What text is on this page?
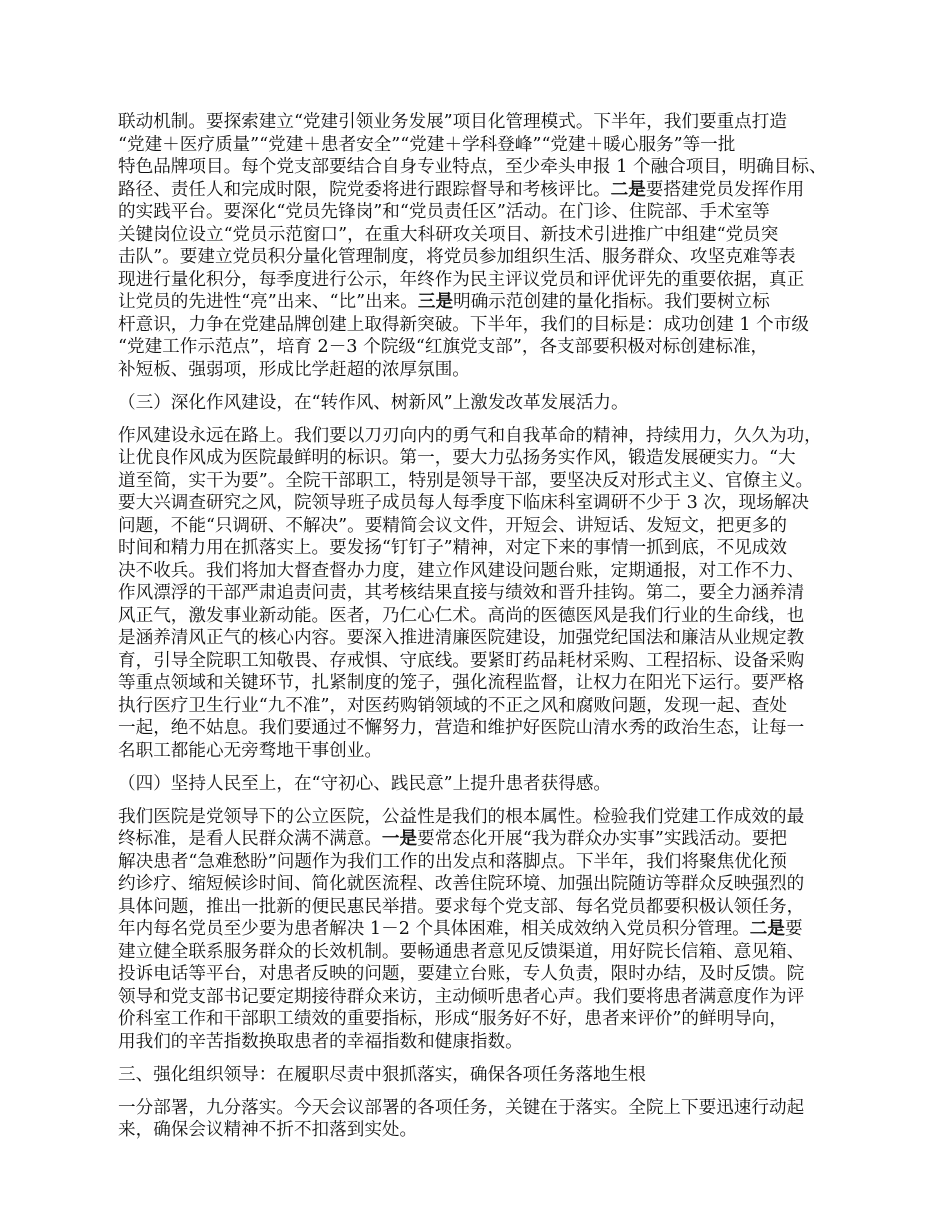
联动机制。要探索建立“党建引领业务发展”项目化管理模式。下半年，我们要重点打造
“党建＋医疗质量”“党建＋患者安全”“党建＋学科登峰”“党建＋暖心服务”等一批
特色品牌项目。每个党支部要结合自身专业特点，至少牵头申报 1 个融合项目，明确目标、
路径、责任人和完成时限，院党委将进行跟踪督导和考核评比。二是要搭建党员发挥作用
的实践平台。要深化“党员先锋岗”和“党员责任区”活动。在门诊、住院部、手术室等
关键岗位设立“党员示范窗口”，在重大科研攻关项目、新技术引进推广中组建“党员突
击队”。要建立党员积分量化管理制度，将党员参加组织生活、服务群众、攻坚克难等表
现进行量化积分，每季度进行公示，年终作为民主评议党员和评优评先的重要依据，真正
让党员的先进性“亮”出来、“比”出来。三是明确示范创建的量化指标。我们要树立标
杆意识，力争在党建品牌创建上取得新突破。下半年，我们的目标是：成功创建 1 个市级
“党建工作示范点”，培育 2－3 个院级“红旗党支部”，各支部要积极对标创建标准，
补短板、强弱项，形成比学赶超的浓厚氛围。
（三）深化作风建设，在“转作风、树新风”上激发改革发展活力。
作风建设永远在路上。我们要以刀刃向内的勇气和自我革命的精神，持续用力，久久为功，
让优良作风成为医院最鲜明的标识。第一，要大力弘扬务实作风，锻造发展硬实力。“大
道至简，实干为要”。全院干部职工，特别是领导干部，要坚决反对形式主义、官僚主义。
要大兴调查研究之风，院领导班子成员每人每季度下临床科室调研不少于 3 次，现场解决
问题，不能“只调研、不解决”。要精简会议文件，开短会、讲短话、发短文，把更多的
时间和精力用在抓落实上。要发扬“钉钉子”精神，对定下来的事情一抓到底，不见成效
决不收兵。我们将加大督查督办力度，建立作风建设问题台账，定期通报，对工作不力、
作风漂浮的干部严肃追责问责，其考核结果直接与绩效和晋升挂钩。第二，要全力涵养清
风正气，激发事业新动能。医者，乃仁心仁术。高尚的医德医风是我们行业的生命线，也
是涵养清风正气的核心内容。要深入推进清廉医院建设，加强党纪国法和廉洁从业规定教
育，引导全院职工知敬畏、存戒惧、守底线。要紧盯药品耗材采购、工程招标、设备采购
等重点领域和关键环节，扎紧制度的笼子，强化流程监督，让权力在阳光下运行。要严格
执行医疗卫生行业“九不准”，对医药购销领域的不正之风和腐败问题，发现一起、查处
一起，绝不姑息。我们要通过不懈努力，营造和维护好医院山清水秀的政治生态，让每一
名职工都能心无旁骛地干事创业。
（四）坚持人民至上，在“守初心、践民意”上提升患者获得感。
我们医院是党领导下的公立医院，公益性是我们的根本属性。检验我们党建工作成效的最
终标准，是看人民群众满不满意。一是要常态化开展“我为群众办实事”实践活动。要把
解决患者“急难愁盼”问题作为我们工作的出发点和落脚点。下半年，我们将聚焦优化预
约诊疗、缩短候诊时间、简化就医流程、改善住院环境、加强出院随访等群众反映强烈的
具体问题，推出一批新的便民惠民举措。要求每个党支部、每名党员都要积极认领任务，
年内每名党员至少要为患者解决 1－2 个具体困难，相关成效纳入党员积分管理。二是要
建立健全联系服务群众的长效机制。要畅通患者意见反馈渠道，用好院长信箱、意见箱、
投诉电话等平台，对患者反映的问题，要建立台账，专人负责，限时办结，及时反馈。院
领导和党支部书记要定期接待群众来访，主动倾听患者心声。我们要将患者满意度作为评
价科室工作和干部职工绩效的重要指标，形成“服务好不好，患者来评价”的鲜明导向，
用我们的辛苦指数换取患者的幸福指数和健康指数。
三、强化组织领导：在履职尽责中狠抓落实，确保各项任务落地生根
一分部署，九分落实。今天会议部署的各项任务，关键在于落实。全院上下要迅速行动起
来，确保会议精神不折不扣落到实处。
